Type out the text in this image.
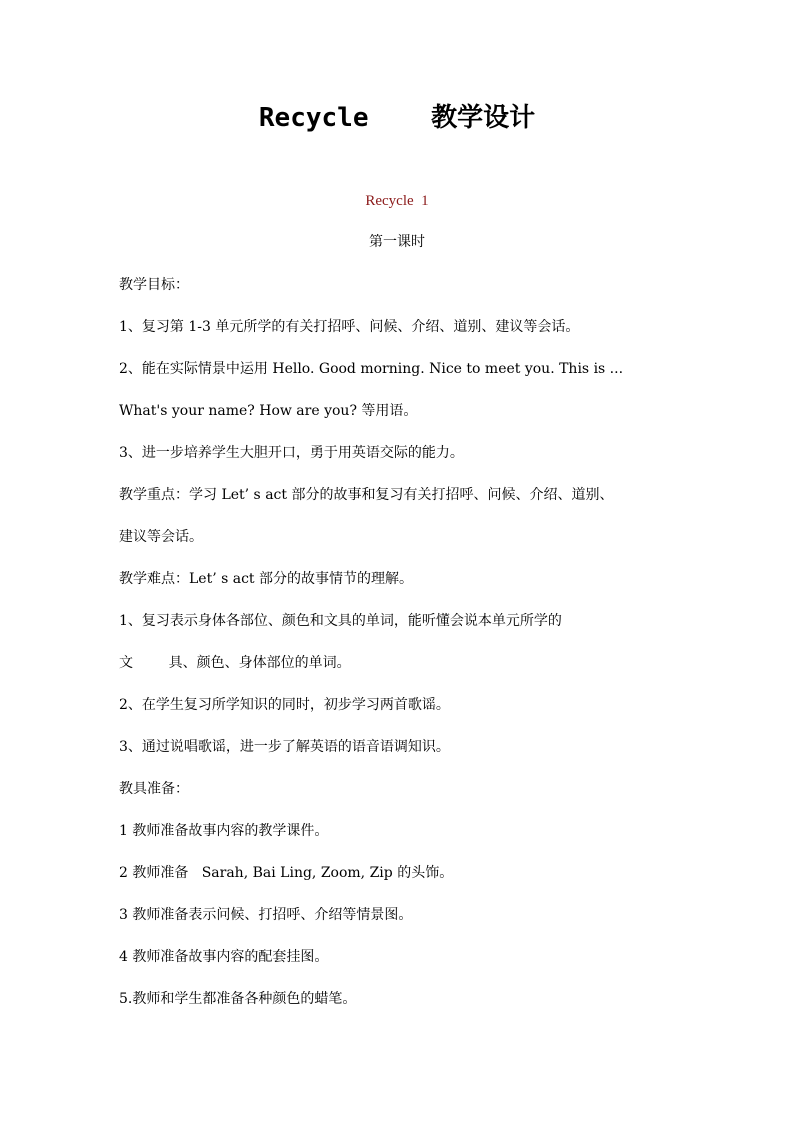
Recycle    教学设计
Recycle  1
第一课时
教学目标：
1、复习第 1-3 单元所学的有关打招呼、问候、介绍、道别、建议等会话。
2、能在实际情景中运用 Hello. Good morning. Nice to meet you. This is ...
What's your name? How are you? 等用语。
3、进一步培养学生大胆开口，勇于用英语交际的能力。
教学重点：学习 Let’ s act 部分的故事和复习有关打招呼、问候、介绍、道别、
建议等会话。
教学难点：Let’ s act 部分的故事情节的理解。
1、复习表示身体各部位、颜色和文具的单词，能听懂会说本单元所学的
文        具、颜色、身体部位的单词。
2、在学生复习所学知识的同时，初步学习两首歌谣。
3、通过说唱歌谣，进一步了解英语的语音语调知识。
教具准备：
1 教师准备故事内容的教学课件。
2 教师准备   Sarah, Bai Ling, Zoom, Zip 的头饰。
3 教师准备表示问候、打招呼、介绍等情景图。
4 教师准备故事内容的配套挂图。
5.教师和学生都准备各种颜色的蜡笔。
